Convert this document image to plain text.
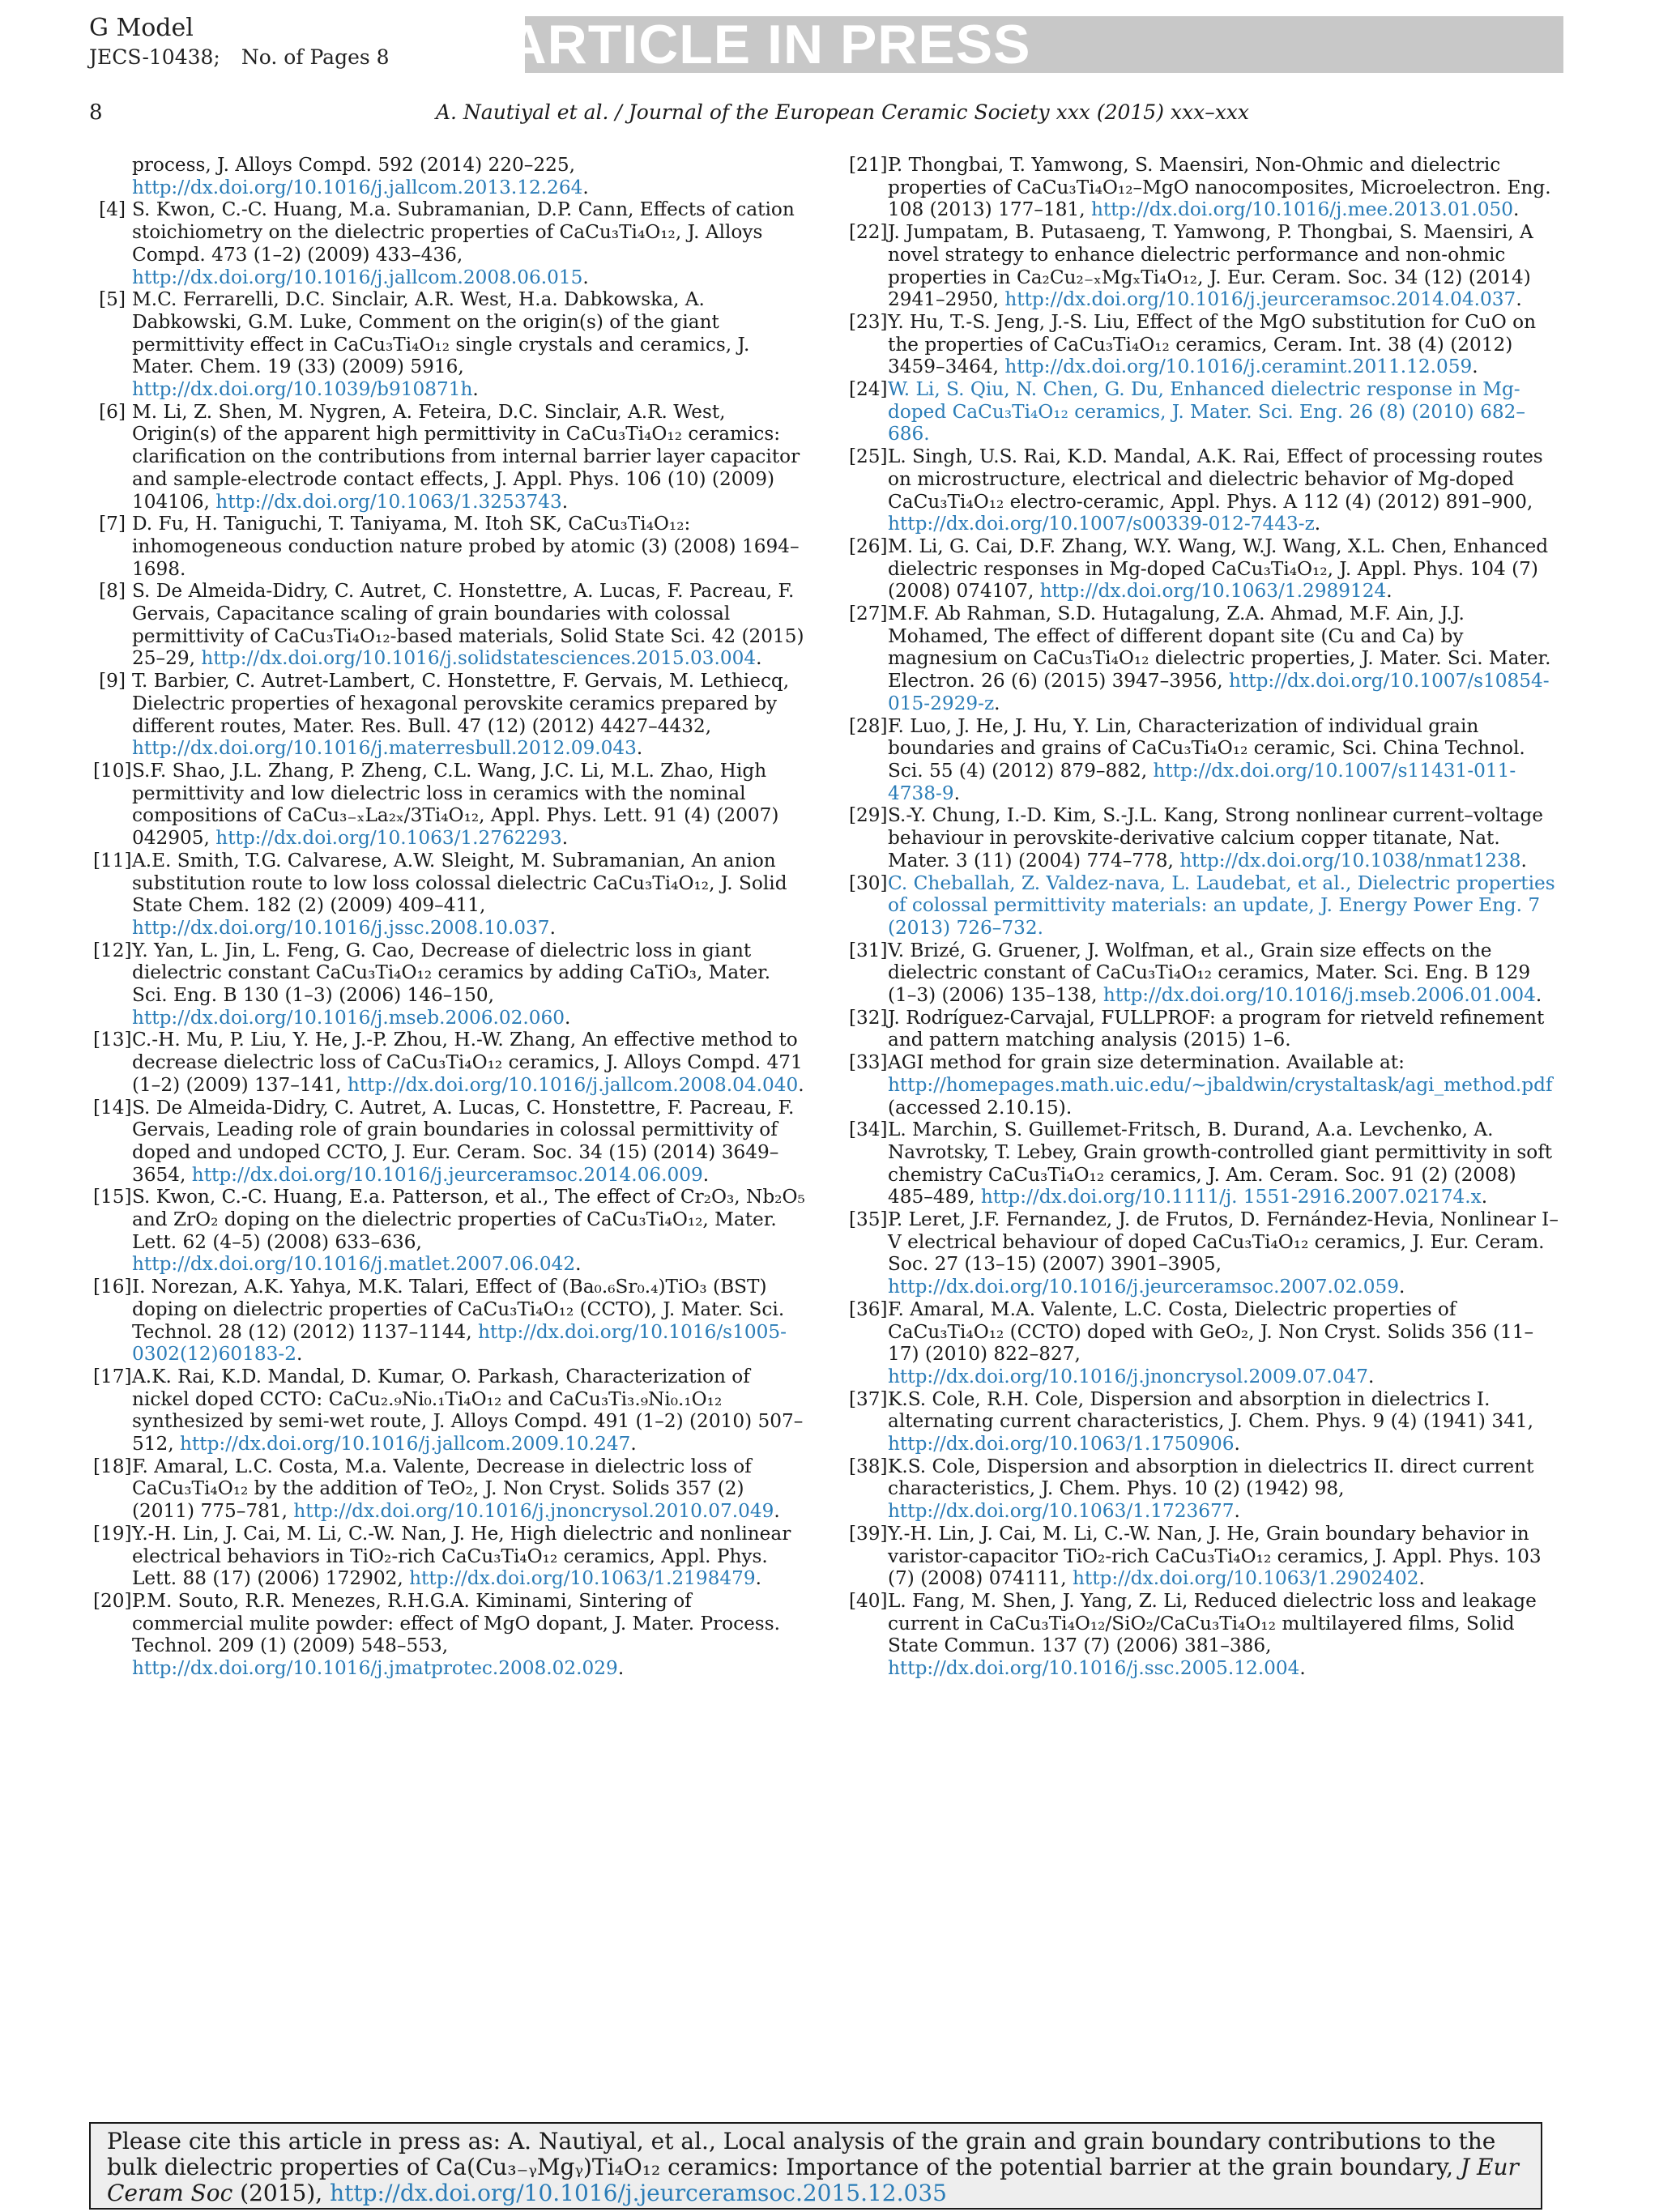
G Model
JECS-10438; No. of Pages 8	ARTICLE IN PRESS
8	A. Nautiyal et al. / Journal of the European Ceramic Society xxx (2015) xxx–xxx
process, J. Alloys Compd. 592 (2014) 220–225, http://dx.doi.org/10.1016/j.jallcom.2013.12.264.
[4] S. Kwon, C.-C. Huang, M.a. Subramanian, D.P. Cann, Effects of cation stoichiometry on the dielectric properties of CaCu₃Ti₄O₁₂, J. Alloys Compd. 473 (1–2) (2009) 433–436, http://dx.doi.org/10.1016/j.jallcom.2008.06.015.
[5] M.C. Ferrarelli, D.C. Sinclair, A.R. West, H.a. Dabkowska, A. Dabkowski, G.M. Luke, Comment on the origin(s) of the giant permittivity effect in CaCu₃Ti₄O₁₂ single crystals and ceramics, J. Mater. Chem. 19 (33) (2009) 5916, http://dx.doi.org/10.1039/b910871h.
[6] M. Li, Z. Shen, M. Nygren, A. Feteira, D.C. Sinclair, A.R. West, Origin(s) of the apparent high permittivity in CaCu₃Ti₄O₁₂ ceramics: clarification on the contributions from internal barrier layer capacitor and sample-electrode contact effects, J. Appl. Phys. 106 (10) (2009) 104106, http://dx.doi.org/10.1063/1.3253743.
[7] D. Fu, H. Taniguchi, T. Taniyama, M. Itoh SK, CaCu₃Ti₄O₁₂: inhomogeneous conduction nature probed by atomic (3) (2008) 1694–1698.
[8] S. De Almeida-Didry, C. Autret, C. Honstettre, A. Lucas, F. Pacreau, F. Gervais, Capacitance scaling of grain boundaries with colossal permittivity of CaCu₃Ti₄O₁₂-based materials, Solid State Sci. 42 (2015) 25–29, http://dx.doi.org/10.1016/j.solidstatesciences.2015.03.004.
[9] T. Barbier, C. Autret-Lambert, C. Honstettre, F. Gervais, M. Lethiecq, Dielectric properties of hexagonal perovskite ceramics prepared by different routes, Mater. Res. Bull. 47 (12) (2012) 4427–4432, http://dx.doi.org/10.1016/j.materresbull.2012.09.043.
[10] S.F. Shao, J.L. Zhang, P. Zheng, C.L. Wang, J.C. Li, M.L. Zhao, High permittivity and low dielectric loss in ceramics with the nominal compositions of CaCu₃₋ₓLa₂ₓ/3Ti₄O₁₂, Appl. Phys. Lett. 91 (4) (2007) 042905, http://dx.doi.org/10.1063/1.2762293.
[11] A.E. Smith, T.G. Calvarese, A.W. Sleight, M. Subramanian, An anion substitution route to low loss colossal dielectric CaCu₃Ti₄O₁₂, J. Solid State Chem. 182 (2) (2009) 409–411, http://dx.doi.org/10.1016/j.jssc.2008.10.037.
[12] Y. Yan, L. Jin, L. Feng, G. Cao, Decrease of dielectric loss in giant dielectric constant CaCu₃Ti₄O₁₂ ceramics by adding CaTiO₃, Mater. Sci. Eng. B 130 (1–3) (2006) 146–150, http://dx.doi.org/10.1016/j.mseb.2006.02.060.
[13] C.-H. Mu, P. Liu, Y. He, J.-P. Zhou, H.-W. Zhang, An effective method to decrease dielectric loss of CaCu₃Ti₄O₁₂ ceramics, J. Alloys Compd. 471 (1–2) (2009) 137–141, http://dx.doi.org/10.1016/j.jallcom.2008.04.040.
[14] S. De Almeida-Didry, C. Autret, A. Lucas, C. Honstettre, F. Pacreau, F. Gervais, Leading role of grain boundaries in colossal permittivity of doped and undoped CCTO, J. Eur. Ceram. Soc. 34 (15) (2014) 3649–3654, http://dx.doi.org/10.1016/j.jeurceramsoc.2014.06.009.
[15] S. Kwon, C.-C. Huang, E.a. Patterson, et al., The effect of Cr₂O₃, Nb₂O₅ and ZrO₂ doping on the dielectric properties of CaCu₃Ti₄O₁₂, Mater. Lett. 62 (4–5) (2008) 633–636, http://dx.doi.org/10.1016/j.matlet.2007.06.042.
[16] I. Norezan, A.K. Yahya, M.K. Talari, Effect of (Ba₀.₆Sr₀.₄)TiO₃ (BST) doping on dielectric properties of CaCu₃Ti₄O₁₂ (CCTO), J. Mater. Sci. Technol. 28 (12) (2012) 1137–1144, http://dx.doi.org/10.1016/s1005-0302(12)60183-2.
[17] A.K. Rai, K.D. Mandal, D. Kumar, O. Parkash, Characterization of nickel doped CCTO: CaCu₂.₉Ni₀.₁Ti₄O₁₂ and CaCu₃Ti₃.₉Ni₀.₁O₁₂ synthesized by semi-wet route, J. Alloys Compd. 491 (1–2) (2010) 507–512, http://dx.doi.org/10.1016/j.jallcom.2009.10.247.
[18] F. Amaral, L.C. Costa, M.a. Valente, Decrease in dielectric loss of CaCu₃Ti₄O₁₂ by the addition of TeO₂, J. Non Cryst. Solids 357 (2) (2011) 775–781, http://dx.doi.org/10.1016/j.jnoncrysol.2010.07.049.
[19] Y.-H. Lin, J. Cai, M. Li, C.-W. Nan, J. He, High dielectric and nonlinear electrical behaviors in TiO₂-rich CaCu₃Ti₄O₁₂ ceramics, Appl. Phys. Lett. 88 (17) (2006) 172902, http://dx.doi.org/10.1063/1.2198479.
[20] P.M. Souto, R.R. Menezes, R.H.G.A. Kiminami, Sintering of commercial mulite powder: effect of MgO dopant, J. Mater. Process. Technol. 209 (1) (2009) 548–553, http://dx.doi.org/10.1016/j.jmatprotec.2008.02.029.
[21] P. Thongbai, T. Yamwong, S. Maensiri, Non-Ohmic and dielectric properties of CaCu₃Ti₄O₁₂–MgO nanocomposites, Microelectron. Eng. 108 (2013) 177–181, http://dx.doi.org/10.1016/j.mee.2013.01.050.
[22] J. Jumpatam, B. Putasaeng, T. Yamwong, P. Thongbai, S. Maensiri, A novel strategy to enhance dielectric performance and non-ohmic properties in Ca₂Cu₂₋ₓMgₓTi₄O₁₂, J. Eur. Ceram. Soc. 34 (12) (2014) 2941–2950, http://dx.doi.org/10.1016/j.jeurceramsoc.2014.04.037.
[23] Y. Hu, T.-S. Jeng, J.-S. Liu, Effect of the MgO substitution for CuO on the properties of CaCu₃Ti₄O₁₂ ceramics, Ceram. Int. 38 (4) (2012) 3459–3464, http://dx.doi.org/10.1016/j.ceramint.2011.12.059.
[24] W. Li, S. Qiu, N. Chen, G. Du, Enhanced dielectric response in Mg-doped CaCu₃Ti₄O₁₂ ceramics, J. Mater. Sci. Eng. 26 (8) (2010) 682–686.
[25] L. Singh, U.S. Rai, K.D. Mandal, A.K. Rai, Effect of processing routes on microstructure, electrical and dielectric behavior of Mg-doped CaCu₃Ti₄O₁₂ electro-ceramic, Appl. Phys. A 112 (4) (2012) 891–900, http://dx.doi.org/10.1007/s00339-012-7443-z.
[26] M. Li, G. Cai, D.F. Zhang, W.Y. Wang, W.J. Wang, X.L. Chen, Enhanced dielectric responses in Mg-doped CaCu₃Ti₄O₁₂, J. Appl. Phys. 104 (7) (2008) 074107, http://dx.doi.org/10.1063/1.2989124.
[27] M.F. Ab Rahman, S.D. Hutagalung, Z.A. Ahmad, M.F. Ain, J.J. Mohamed, The effect of different dopant site (Cu and Ca) by magnesium on CaCu₃Ti₄O₁₂ dielectric properties, J. Mater. Sci. Mater. Electron. 26 (6) (2015) 3947–3956, http://dx.doi.org/10.1007/s10854-015-2929-z.
[28] F. Luo, J. He, J. Hu, Y. Lin, Characterization of individual grain boundaries and grains of CaCu₃Ti₄O₁₂ ceramic, Sci. China Technol. Sci. 55 (4) (2012) 879–882, http://dx.doi.org/10.1007/s11431-011-4738-9.
[29] S.-Y. Chung, I.-D. Kim, S.-J.L. Kang, Strong nonlinear current–voltage behaviour in perovskite-derivative calcium copper titanate, Nat. Mater. 3 (11) (2004) 774–778, http://dx.doi.org/10.1038/nmat1238.
[30] C. Cheballah, Z. Valdez-nava, L. Laudebat, et al., Dielectric properties of colossal permittivity materials: an update, J. Energy Power Eng. 7 (2013) 726–732.
[31] V. Brizé, G. Gruener, J. Wolfman, et al., Grain size effects on the dielectric constant of CaCu₃Ti₄O₁₂ ceramics, Mater. Sci. Eng. B 129 (1–3) (2006) 135–138, http://dx.doi.org/10.1016/j.mseb.2006.01.004.
[32] J. Rodríguez-Carvajal, FULLPROF: a program for rietveld refinement and pattern matching analysis (2015) 1–6.
[33] AGI method for grain size determination. Available at: http://homepages.math.uic.edu/~jbaldwin/crystaltask/agi_method.pdf (accessed 2.10.15).
[34] L. Marchin, S. Guillemet-Fritsch, B. Durand, A.a. Levchenko, A. Navrotsky, T. Lebey, Grain growth-controlled giant permittivity in soft chemistry CaCu₃Ti₄O₁₂ ceramics, J. Am. Ceram. Soc. 91 (2) (2008) 485–489, http://dx.doi.org/10.1111/j. 1551-2916.2007.02174.x.
[35] P. Leret, J.F. Fernandez, J. de Frutos, D. Fernández-Hevia, Nonlinear I–V electrical behaviour of doped CaCu₃Ti₄O₁₂ ceramics, J. Eur. Ceram. Soc. 27 (13–15) (2007) 3901–3905, http://dx.doi.org/10.1016/j.jeurceramsoc.2007.02.059.
[36] F. Amaral, M.A. Valente, L.C. Costa, Dielectric properties of CaCu₃Ti₄O₁₂ (CCTO) doped with GeO₂, J. Non Cryst. Solids 356 (11–17) (2010) 822–827, http://dx.doi.org/10.1016/j.jnoncrysol.2009.07.047.
[37] K.S. Cole, R.H. Cole, Dispersion and absorption in dielectrics I. alternating current characteristics, J. Chem. Phys. 9 (4) (1941) 341, http://dx.doi.org/10.1063/1.1750906.
[38] K.S. Cole, Dispersion and absorption in dielectrics II. direct current characteristics, J. Chem. Phys. 10 (2) (1942) 98, http://dx.doi.org/10.1063/1.1723677.
[39] Y.-H. Lin, J. Cai, M. Li, C.-W. Nan, J. He, Grain boundary behavior in varistor-capacitor TiO₂-rich CaCu₃Ti₄O₁₂ ceramics, J. Appl. Phys. 103 (7) (2008) 074111, http://dx.doi.org/10.1063/1.2902402.
[40] L. Fang, M. Shen, J. Yang, Z. Li, Reduced dielectric loss and leakage current in CaCu₃Ti₄O₁₂/SiO₂/CaCu₃Ti₄O₁₂ multilayered films, Solid State Commun. 137 (7) (2006) 381–386, http://dx.doi.org/10.1016/j.ssc.2005.12.004.
Please cite this article in press as: A. Nautiyal, et al., Local analysis of the grain and grain boundary contributions to the bulk dielectric properties of Ca(Cu₃₋ᵧMgᵧ)Ti₄O₁₂ ceramics: Importance of the potential barrier at the grain boundary, J Eur Ceram Soc (2015), http://dx.doi.org/10.1016/j.jeurceramsoc.2015.12.035
